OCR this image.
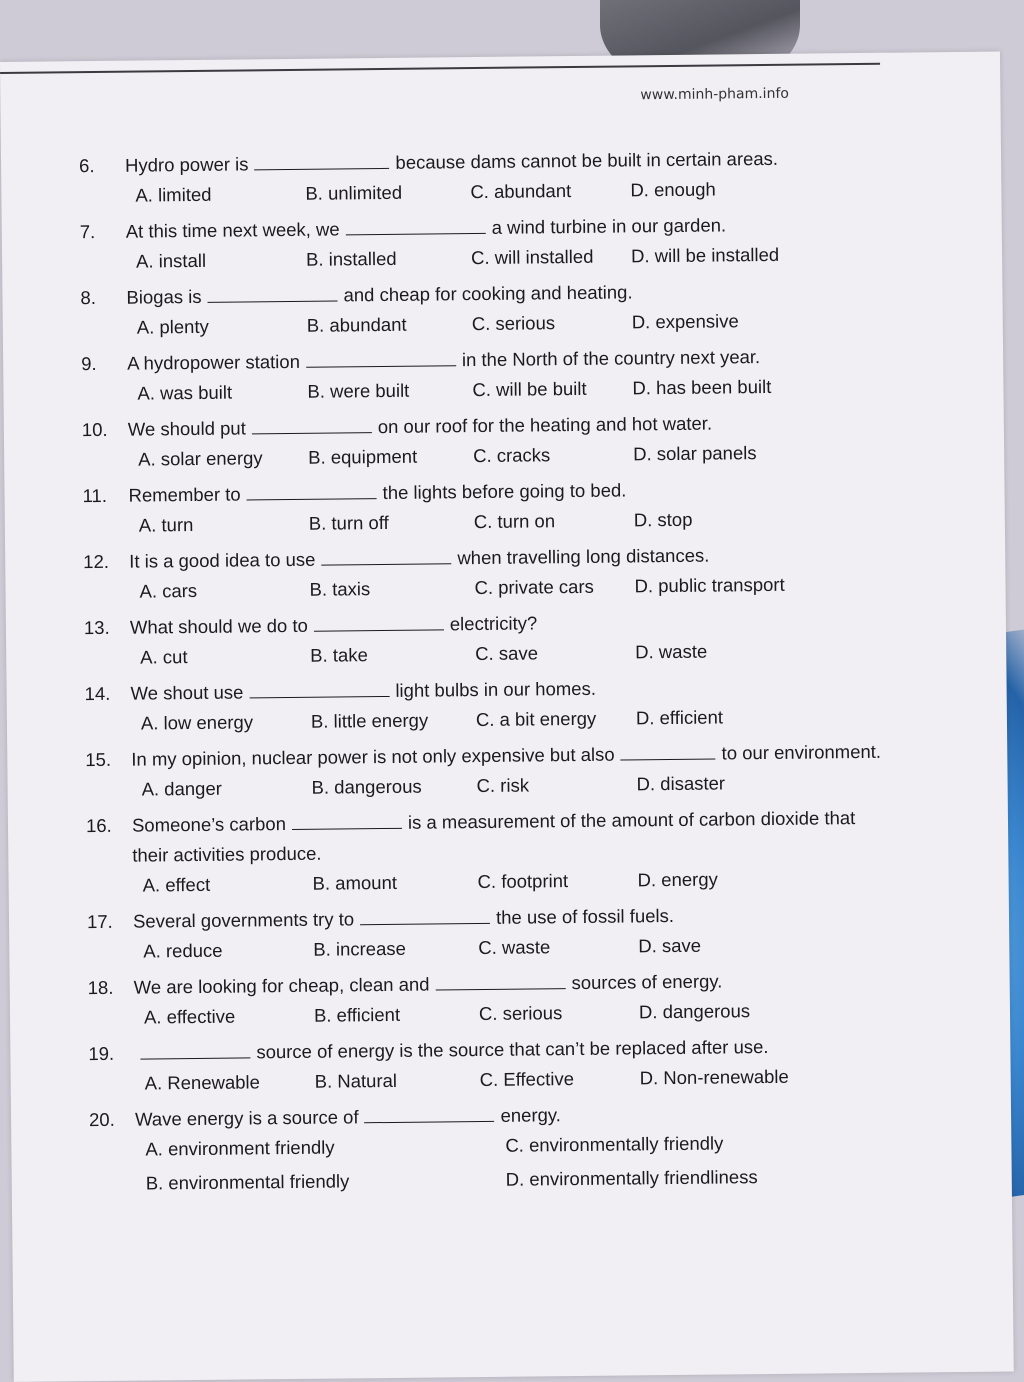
www.minh-pham.info
6.	Hydro power is	because dams cannot be built in certain areas.
A. limited	B. unlimited	C. abundant	D. enough
7.	At this time next week, we	a wind turbine in our garden.
A. install	B. installed	C. will installed	D. will be installed
8.	Biogas is	and cheap for cooking and heating.
A. plenty	B. abundant	C. serious	D. expensive
9.	A hydropower station	in the North of the country next year.
A. was built	B. were built	C. will be built	D. has been built
10.	We should put	on our roof for the heating and hot water.
A. solar energy	B. equipment	C. cracks	D. solar panels
11.	Remember to	the lights before going to bed.
A. turn	B. turn off	C. turn on	D. stop
12.	It is a good idea to use	when travelling long distances.
A. cars	B. taxis	C. private cars	D. public transport
13.	What should we do to	electricity?
A. cut	B. take	C. save	D. waste
14.	We shout use	light bulbs in our homes.
A. low energy	B. little energy	C. a bit energy	D. efficient
15.	In my opinion, nuclear power is not only expensive but also	to our environment.
A. danger	B. dangerous	C. risk	D. disaster
16.	Someone’s carbon	is a measurement of the amount of carbon dioxide that their activities produce.
A. effect	B. amount	C. footprint	D. energy
17.	Several governments try to	the use of fossil fuels.
A. reduce	B. increase	C. waste	D. save
18.	We are looking for cheap, clean and	sources of energy.
A. effective	B. efficient	C. serious	D. dangerous
19.	source of energy is the source that can’t be replaced after use.
A. Renewable	B. Natural	C. Effective	D. Non-renewable
20.	Wave energy is a source of	energy.
A. environment friendly
B. environmental friendly
C. environmentally friendly
D. environmentally friendliness
